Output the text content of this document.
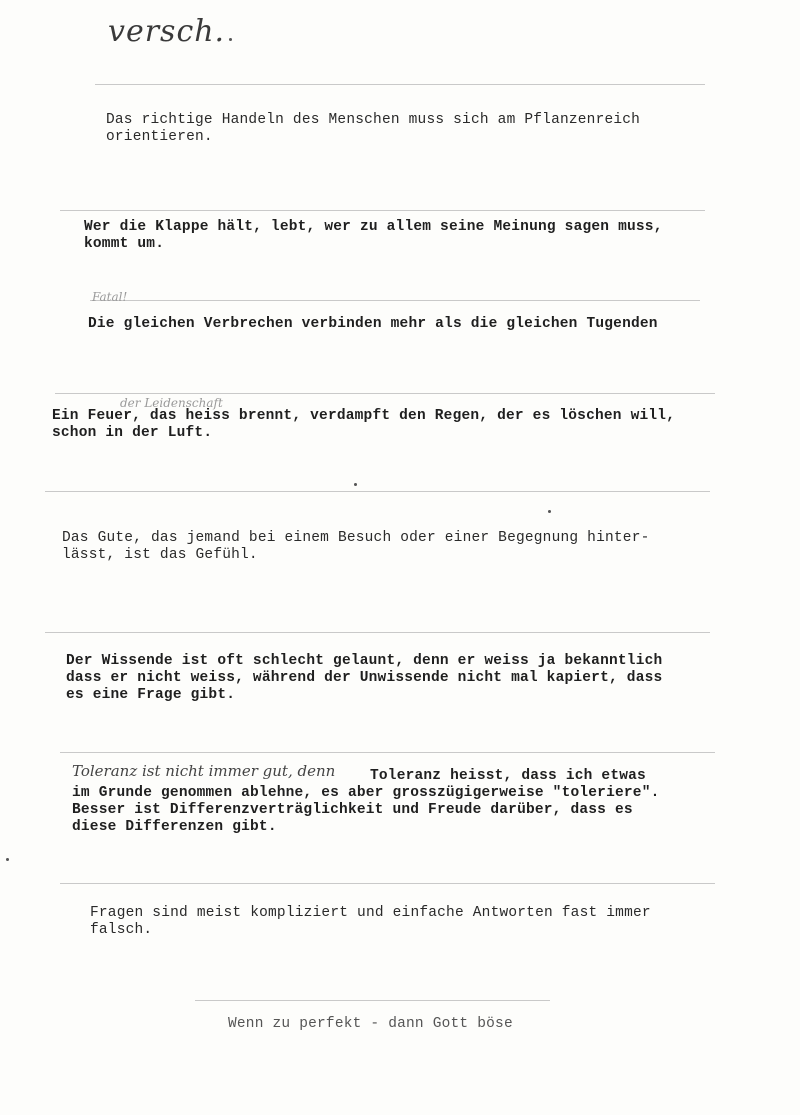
versch.
Das richtige Handeln des Menschen muss sich am Pflanzenreich
orientieren.
Wer die Klappe hält, lebt, wer zu allem seine Meinung sagen muss,
kommt um.
Fatal!
Die gleichen Verbrechen verbinden mehr als die gleichen Tugenden
der Leidenschaft
Ein Feuer, das heiss brennt, verdampft den Regen, der es löschen will,
schon in der Luft.
Das Gute, das jemand bei einem Besuch oder einer Begegnung hinter-
lässt, ist das Gefühl.
Der Wissende ist oft schlecht gelaunt, denn er weiss ja bekanntlich
dass er nicht weiss, während der Unwissende nicht mal kapiert, dass
es eine Frage gibt.
Toleranz ist nicht immer gut, denn Toleranz heisst, dass ich etwas
im Grunde genommen ablehne, es aber grosszügigerweise "toleriere".
Besser ist Differenzverträglichkeit und Freude darüber, dass es
diese Differenzen gibt.
Fragen sind meist kompliziert und einfache Antworten fast immer
falsch.
Wenn zu perfekt - dann Gott böse
